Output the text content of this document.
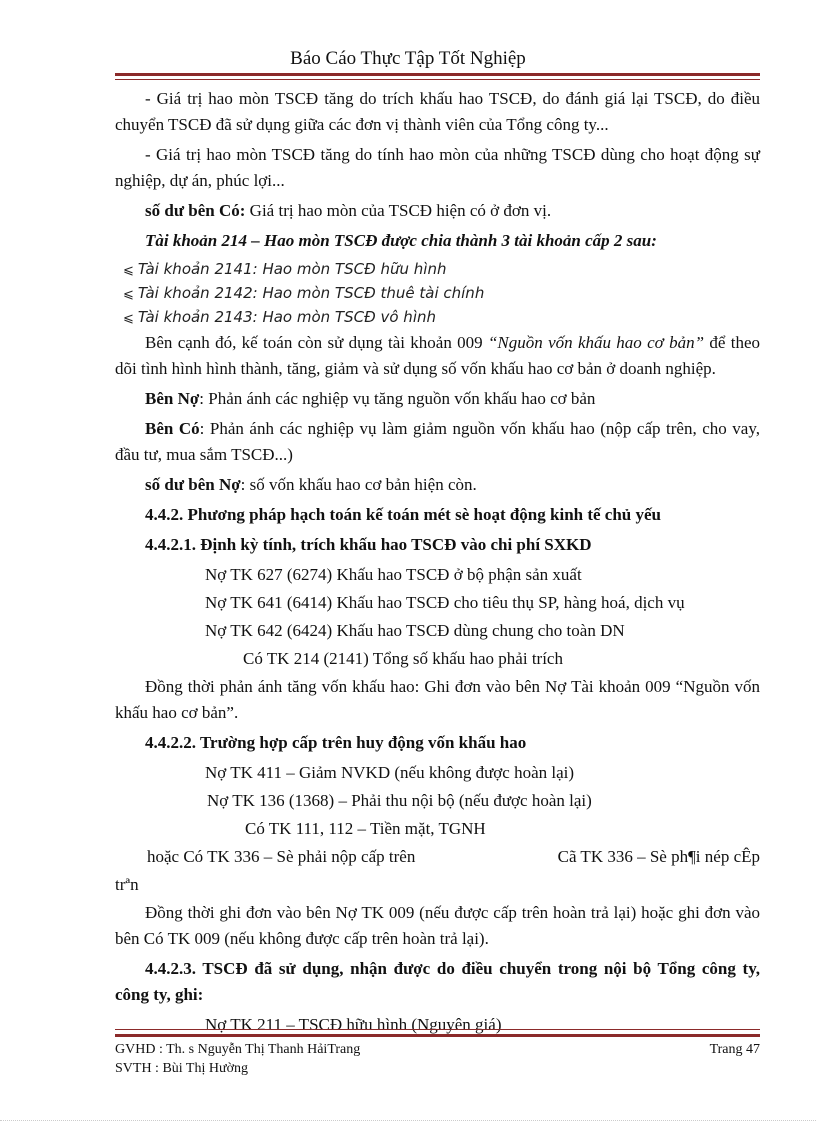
Báo Cáo Thực Tập Tốt Nghiệp

- Giá trị hao mòn TSCĐ tăng do trích khấu hao TSCĐ, do đánh giá lại TSCĐ, do điều chuyển TSCĐ đã sử dụng giữa các đơn vị thành viên của Tổng công ty...

- Giá trị hao mòn TSCĐ tăng do tính hao mòn của những TSCĐ dùng cho hoạt động sự nghiệp, dự án, phúc lợi...

số dư bên Có: Giá trị hao mòn của TSCĐ hiện có ở đơn vị.

Tài khoản 214 – Hao mòn TSCĐ được chia thành 3 tài khoản cấp 2 sau:

⩽ Tài khoản 2141: Hao mòn TSCĐ hữu hình
⩽ Tài khoản 2142: Hao mòn TSCĐ thuê tài chính
⩽ Tài khoản 2143: Hao mòn TSCĐ vô hình

Bên cạnh đó, kế toán còn sử dụng tài khoản 009 “Nguồn vốn khấu hao cơ bản” để theo dõi tình hình hình thành, tăng, giảm và sử dụng số vốn khấu hao cơ bản ở doanh nghiệp.

Bên Nợ: Phản ánh các nghiệp vụ tăng nguồn vốn khấu hao cơ bản

Bên Có: Phản ánh các nghiệp vụ làm giảm nguồn vốn khấu hao (nộp cấp trên, cho vay, đầu tư, mua sắm TSCĐ...)

số dư bên Nợ: số vốn khấu hao cơ bản hiện còn.

4.4.2. Phương pháp hạch toán kế toán mét sè hoạt động kinh tế chủ yếu

4.4.2.1. Định kỳ tính, trích khấu hao TSCĐ vào chi phí SXKD

Nợ TK 627 (6274) Khấu hao TSCĐ ở bộ phận sản xuất
Nợ TK 641 (6414) Khấu hao TSCĐ cho tiêu thụ SP, hàng hoá, dịch vụ
Nợ TK 642 (6424) Khấu hao TSCĐ dùng chung cho toàn DN
Có TK 214 (2141) Tổng số khấu hao phải trích

Đồng thời phản ánh tăng vốn khấu hao: Ghi đơn vào bên Nợ Tài khoản 009 “Nguồn vốn khấu hao cơ bản”.

4.4.2.2. Trường hợp cấp trên huy động vốn khấu hao

Nợ TK 411 – Giảm NVKD (nếu không được hoàn lại)
Nợ TK 136 (1368) – Phải thu nội bộ (nếu được hoàn lại)
Có TK 111, 112 – Tiền mặt, TGNH
hoặc Có TK 336 – Sè phải nộp cấp trên	Cã TK 336 – Sè ph¶i nép cÊp
trªn

Đồng thời ghi đơn vào bên Nợ TK 009 (nếu được cấp trên hoàn trả lại) hoặc ghi đơn vào bên Có TK 009 (nếu không được cấp trên hoàn trả lại).

4.4.2.3. TSCĐ đã sử dụng, nhận được do điều chuyển trong nội bộ Tổng công ty, công ty, ghi:

Nợ TK 211 – TSCĐ hữu hình (Nguyên giá)
GVHD : Th. s Nguyễn Thị Thanh HảiTrang
SVTH : Bùi Thị Hường
Trang 47
